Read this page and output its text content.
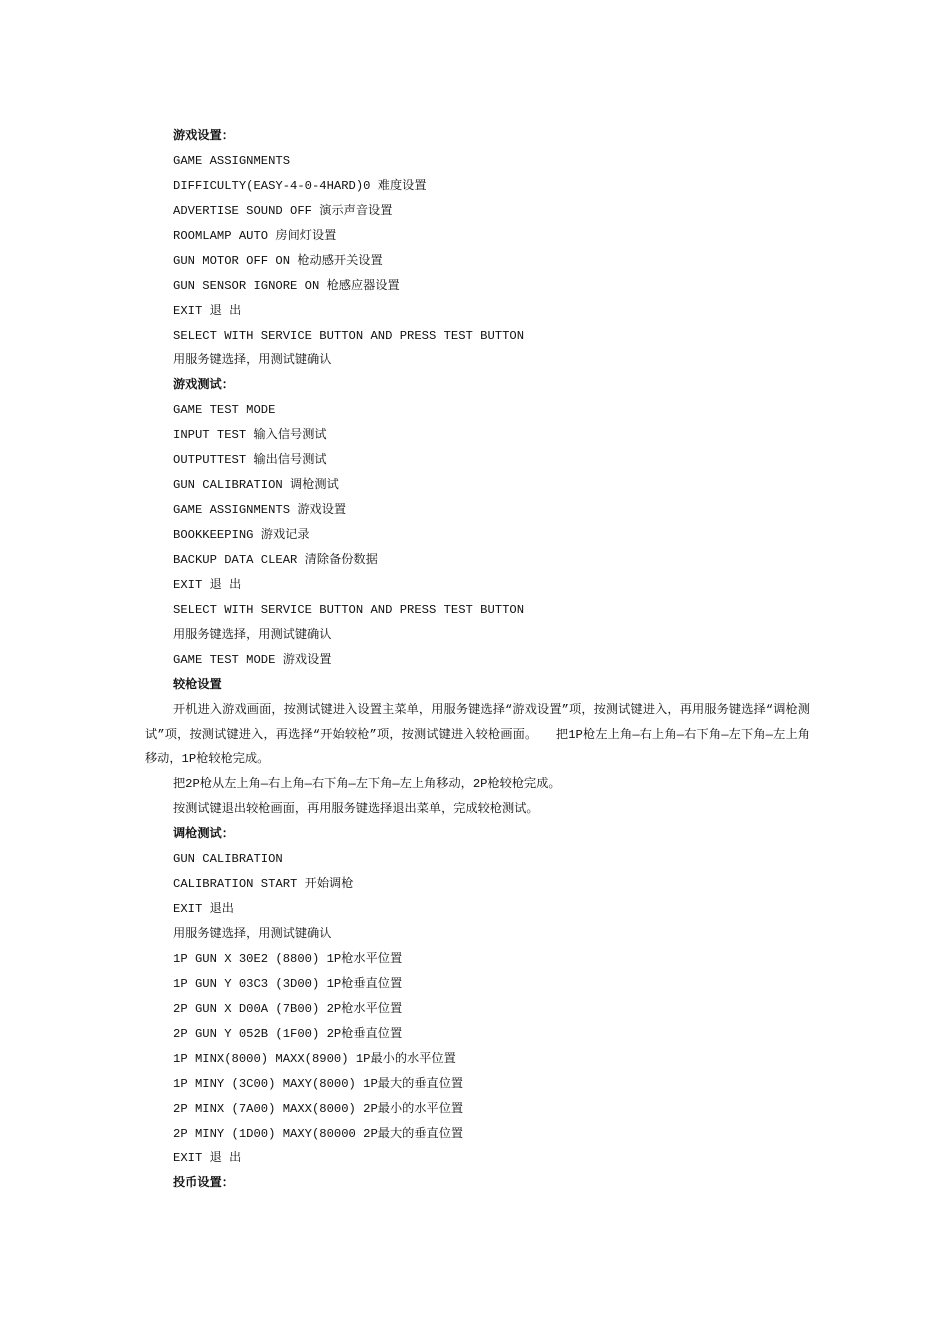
游戏设置：
GAME ASSIGNMENTS
DIFFICULTY(EASY-4-0-4HARD)0 难度设置
ADVERTISE SOUND OFF 演示声音设置
ROOMLAMP AUTO 房间灯设置
GUN MOTOR OFF ON 枪动感开关设置
GUN SENSOR IGNORE ON 枪感应器设置
EXIT 退 出
SELECT WITH SERVICE BUTTON AND PRESS TEST BUTTON
用服务键选择，用测试键确认
游戏测试：
GAME TEST MODE
INPUT TEST 输入信号测试
OUTPUTTEST 输出信号测试
GUN CALIBRATION 调枪测试
GAME ASSIGNMENTS 游戏设置
BOOKKEEPING 游戏记录
BACKUP DATA CLEAR 清除备份数据
EXIT 退 出
SELECT WITH SERVICE BUTTON AND PRESS TEST BUTTON
用服务键选择，用测试键确认
GAME TEST MODE 游戏设置
较枪设置
开机进入游戏画面，按测试键进入设置主菜单，用服务键选择“游戏设置”项，按测试键进入，再用服务键选择“调枪测试”项，按测试键进入，再选择“开始较枪”项，按测试键进入较枪画面。　　把1P枪左上角—右上角—右下角—左下角—左上角移动，1P枪较枪完成。
把2P枪从左上角—右上角—右下角—左下角—左上角移动，2P枪较枪完成。
按测试键退出较枪画面，再用服务键选择退出菜单，完成较枪测试。
调枪测试：
GUN CALIBRATION
CALIBRATION START 开始调枪
EXIT 退出
用服务键选择，用测试键确认
1P GUN X 30E2 (8800) 1P枪水平位置
1P GUN Y 03C3 (3D00) 1P枪垂直位置
2P GUN X D00A (7B00) 2P枪水平位置
2P GUN Y 052B (1F00) 2P枪垂直位置
1P MINX(8000) MAXX(8900) 1P最小的水平位置
1P MINY (3C00) MAXY(8000) 1P最大的垂直位置
2P MINX (7A00) MAXX(8000) 2P最小的水平位置
2P MINY (1D00) MAXY(80000 2P最大的垂直位置
EXIT 退 出
投币设置：
